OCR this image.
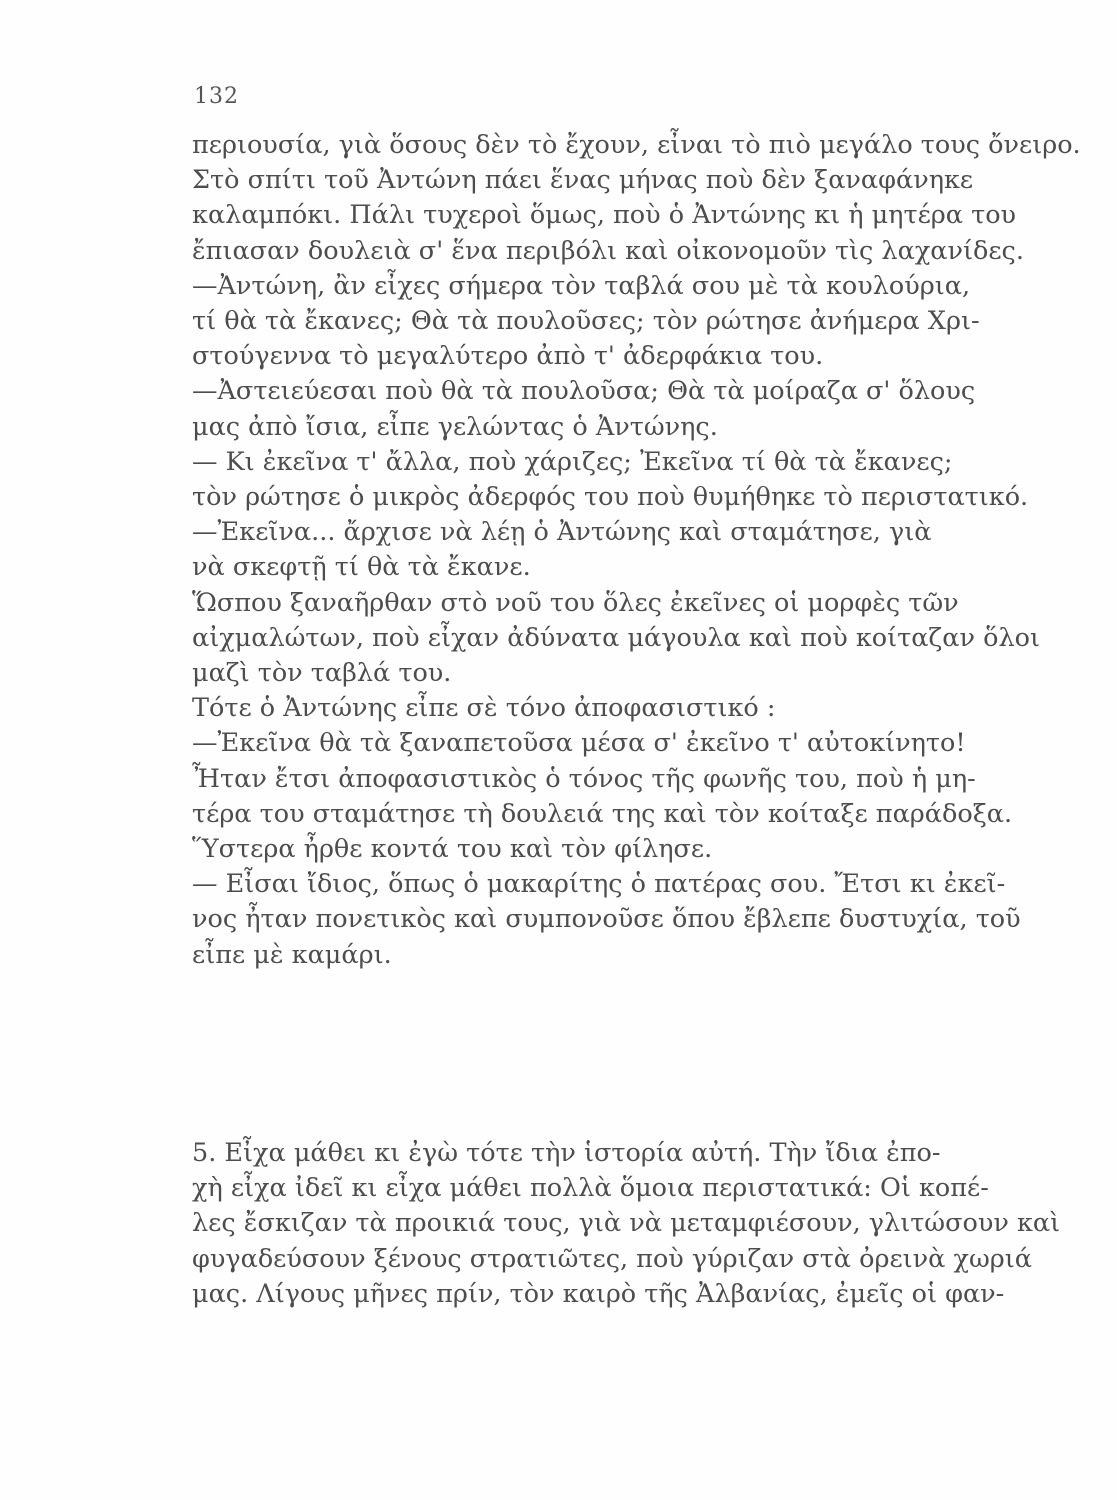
132
περιουσία, γιὰ ὅσους δὲν τὸ ἔχουν, εἶναι τὸ πιὸ μεγάλο τους ὄνειρο.
Στὸ σπίτι τοῦ Ἀντώνη πάει ἕνας μήνας ποὺ δὲν ξαναφάνηκε
καλαμπόκι. Πάλι τυχεροὶ ὅμως, ποὺ ὁ Ἀντώνης κι ἡ μητέρα του
ἔπιασαν δουλειὰ σ' ἕνα περιβόλι καὶ οἰκονομοῦν τὶς λαχανίδες.
—Ἀντώνη, ἂν εἶχες σήμερα τὸν ταβλά σου μὲ τὰ κουλούρια,
τί θὰ τὰ ἔκανες; Θὰ τὰ πουλοῦσες; τὸν ρώτησε ἀνήμερα Χρι-
στούγεννα τὸ μεγαλύτερο ἀπὸ τ' ἀδερφάκια του.
—Ἀστειεύεσαι ποὺ θὰ τὰ πουλοῦσα; Θὰ τὰ μοίραζα σ' ὅλους
μας ἀπὸ ἴσια, εἶπε γελώντας ὁ Ἀντώνης.
— Κι ἐκεῖνα τ' ἄλλα, ποὺ χάριζες; Ἐκεῖνα τί θὰ τὰ ἔκανες;
τὸν ρώτησε ὁ μικρὸς ἀδερφός του ποὺ θυμήθηκε τὸ περιστατικό.
—Ἐκεῖνα... ἄρχισε νὰ λέῃ ὁ Ἀντώνης καὶ σταμάτησε, γιὰ
νὰ σκεφτῇ τί θὰ τὰ ἔκανε.
Ὥσπου ξαναῆρθαν στὸ νοῦ του ὅλες ἐκεῖνες οἱ μορφὲς τῶν
αἰχμαλώτων, ποὺ εἶχαν ἀδύνατα μάγουλα καὶ ποὺ κοίταζαν ὅλοι
μαζὶ τὸν ταβλά του.
Τότε ὁ Ἀντώνης εἶπε σὲ τόνο ἀποφασιστικό :
—Ἐκεῖνα θὰ τὰ ξαναπετοῦσα μέσα σ' ἐκεῖνο τ' αὐτοκίνητο!
Ἦταν ἔτσι ἀποφασιστικὸς ὁ τόνος τῆς φωνῆς του, ποὺ ἡ μη-
τέρα του σταμάτησε τὴ δουλειά της καὶ τὸν κοίταξε παράδοξα.
Ὕστερα ἦρθε κοντά του καὶ τὸν φίλησε.
— Εἶσαι ἴδιος, ὅπως ὁ μακαρίτης ὁ πατέρας σου. Ἔτσι κι ἐκεῖ-
νος ἦταν πονετικὸς καὶ συμπονοῦσε ὅπου ἔβλεπε δυστυχία, τοῦ
εἶπε μὲ καμάρι.
5. Εἶχα μάθει κι ἐγὼ τότε τὴν ἱστορία αὐτή. Τὴν ἴδια ἐπο-
χὴ εἶχα ἰδεῖ κι εἶχα μάθει πολλὰ ὅμοια περιστατικά: Οἱ κοπέ-
λες ἔσκιζαν τὰ προικιά τους, γιὰ νὰ μεταμφιέσουν, γλιτώσουν καὶ
φυγαδεύσουν ξένους στρατιῶτες, ποὺ γύριζαν στὰ ὀρεινὰ χωριά
μας. Λίγους μῆνες πρίν, τὸν καιρὸ τῆς Ἀλβανίας, ἐμεῖς οἱ φαν-
